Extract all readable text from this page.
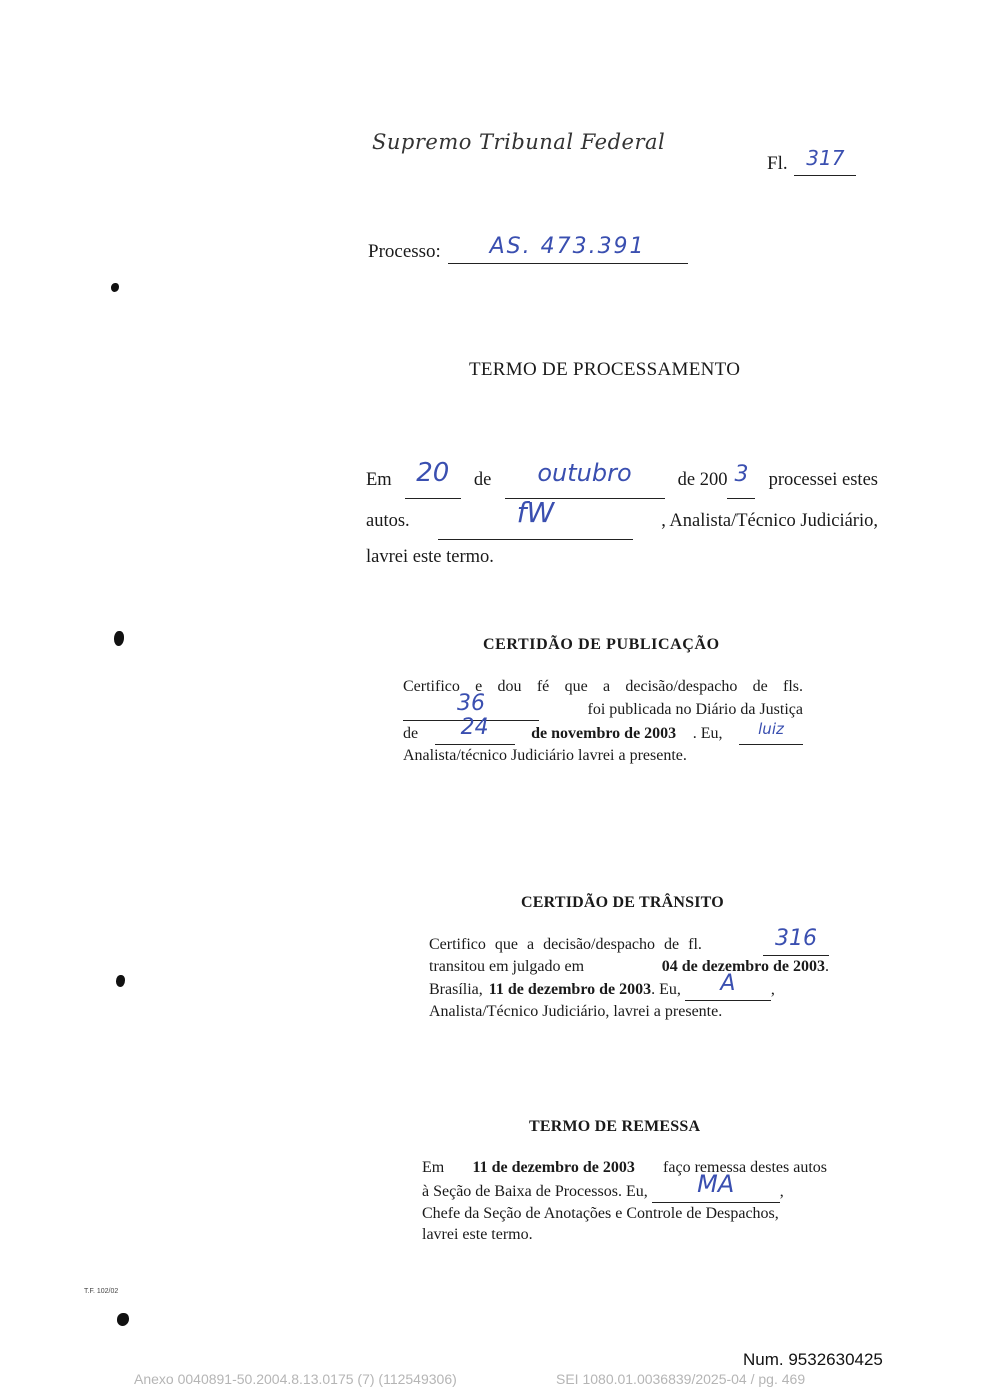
Supremo Tribunal Federal
Fl. 317
Processo: AS. 473.391
TERMO DE PROCESSAMENTO
Em 20	de	outubro	de 200 3	processei estes
autos.	fW	, Analista/Técnico Judiciário,
lavrei este termo.
CERTIDÃO DE PUBLICAÇÃO
Certifico e dou fé que a decisão/despacho de fls.
36	foi publicada no Diário da Justiça
de	24	de novembro de 2003 . Eu,	luiz
Analista/técnico Judiciário lavrei a presente.
CERTIDÃO DE TRÂNSITO
Certifico que a decisão/despacho de fl.	316
transitou em julgado em	04 de dezembro de 2003.
Brasília, 11 de dezembro de 2003 . Eu,	A	,
Analista/Técnico Judiciário, lavrei a presente.
TERMO DE REMESSA
Em 11 de dezembro de 2003 faço remessa destes autos
à Seção de Baixa de Processos. Eu,	MA	,
Chefe da Seção de Anotações e Controle de Despachos,
lavrei este termo.
T.F. 102/02
Num. 9532630425
Anexo 0040891-50.2004.8.13.0175 (7) (112549306)	SEI 1080.01.0036839/2025-04 / pg. 469
